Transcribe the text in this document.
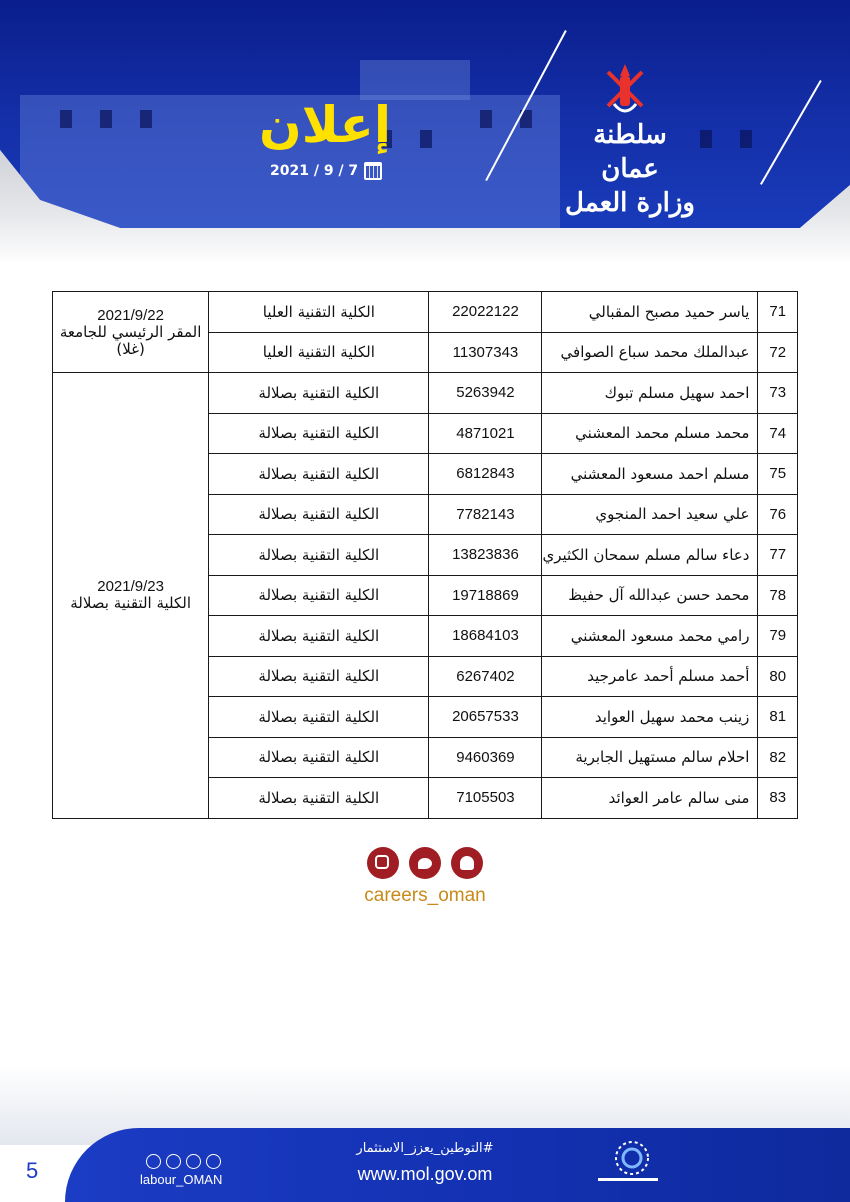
إعلان
2021 / 9 / 7
سلطنة عمان
وزارة العمل
71	ياسر حميد مصبح المقبالي	22022122	الكلية التقنية العليا	2021/9/22
المقر الرئيسي للجامعة (غلا)
72	عبدالملك محمد سباع الصوافي	11307343	الكلية التقنية العليا	
73	احمد سهيل مسلم تبوك	5263942	الكلية التقنية بصلالة	2021/9/23
الكلية التقنية بصلالة
74	محمد مسلم محمد المعشني	4871021	الكلية التقنية بصلالة	
75	مسلم احمد مسعود المعشني	6812843	الكلية التقنية بصلالة	
76	علي سعيد احمد المنجوي	7782143	الكلية التقنية بصلالة	
77	دعاء سالم مسلم سمحان الكثيري	13823836	الكلية التقنية بصلالة	
78	محمد حسن عبدالله آل حفيظ	19718869	الكلية التقنية بصلالة	
79	رامي محمد مسعود المعشني	18684103	الكلية التقنية بصلالة	
80	أحمد مسلم أحمد عامرجيد	6267402	الكلية التقنية بصلالة	
81	زينب محمد سهيل العوايد	20657533	الكلية التقنية بصلالة	
82	احلام سالم مستهيل الجابرية	9460369	الكلية التقنية بصلالة	
83	منى سالم عامر العوائد	7105503	الكلية التقنية بصلالة	
careers_oman
5	labour_OMAN
#التوطين_يعزز_الاستثمار
www.mol.gov.om
